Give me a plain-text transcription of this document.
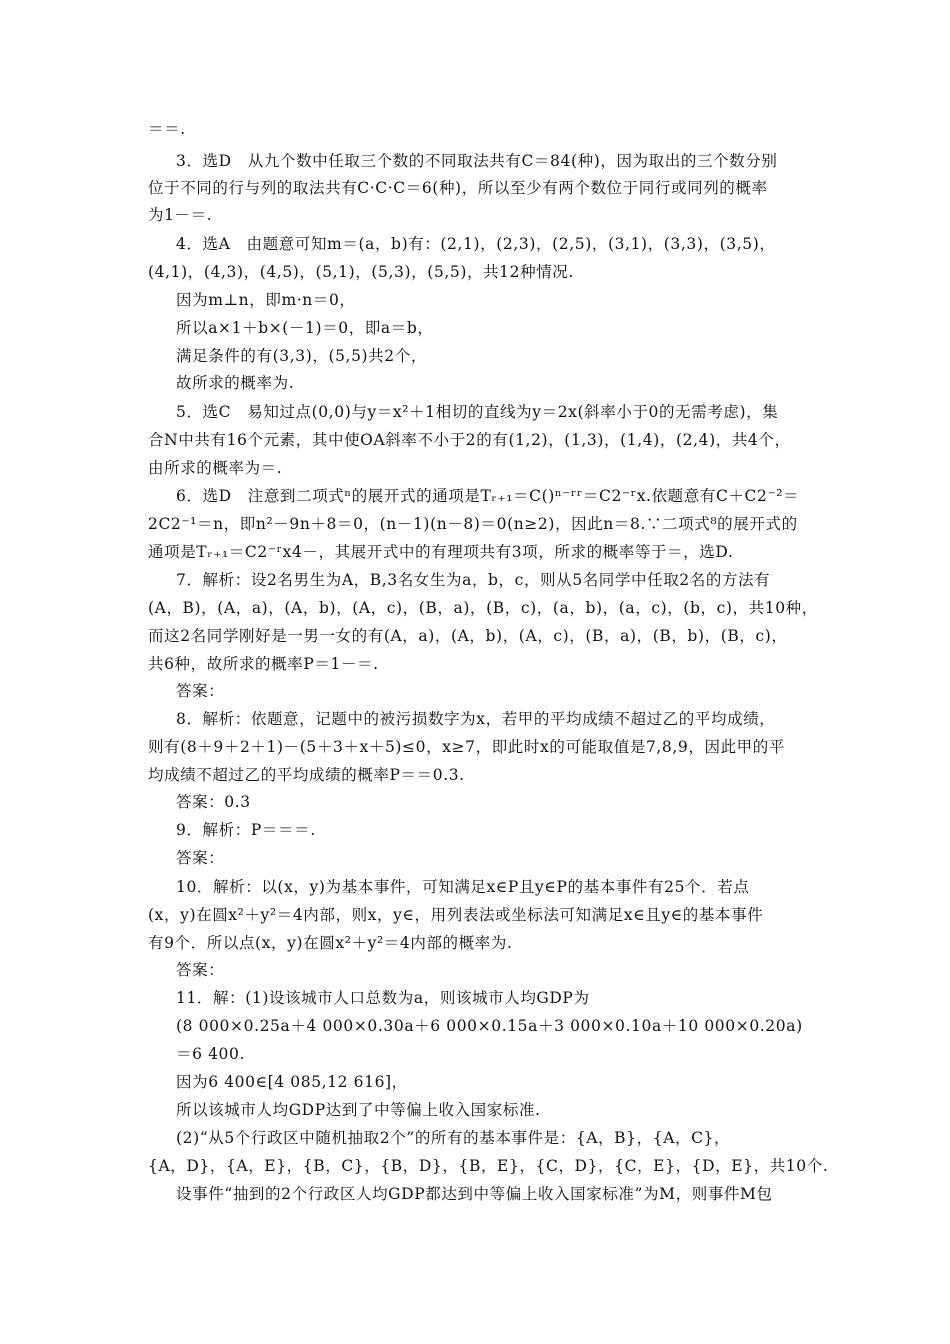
＝＝.
3．选D　从九个数中任取三个数的不同取法共有C＝84(种)，因为取出的三个数分别
位于不同的行与列的取法共有C·C·C＝6(种)，所以至少有两个数位于同行或同列的概率
为1－＝.
4．选A　由题意可知m＝(a，b)有：(2,1)，(2,3)，(2,5)，(3,1)，(3,3)，(3,5)，
(4,1)，(4,3)，(4,5)，(5,1)，(5,3)，(5,5)，共12种情况.
因为m⊥n，即m·n＝0，
所以a×1＋b×(－1)＝0，即a＝b，
满足条件的有(3,3)，(5,5)共2个，
故所求的概率为.
5．选C　易知过点(0,0)与y＝x²＋1相切的直线为y＝2x(斜率小于0的无需考虑)，集
合N中共有16个元素，其中使OA斜率不小于2的有(1,2)，(1,3)，(1,4)，(2,4)，共4个，
由所求的概率为＝.
6．选D　注意到二项式ⁿ的展开式的通项是Tᵣ₊₁＝C()ⁿ⁻ʳʳ＝C2⁻ʳx.依题意有C＋C2⁻²＝
2C2⁻¹＝n，即n²－9n＋8＝0，(n－1)(n－8)＝0(n≥2)，因此n＝8.∵二项式⁸的展开式的
通项是Tᵣ₊₁＝C2⁻ʳx4－，其展开式中的有理项共有3项，所求的概率等于＝，选D.
7．解析：设2名男生为A，B,3名女生为a，b，c，则从5名同学中任取2名的方法有
(A，B)，(A，a)，(A，b)，(A，c)，(B，a)，(B，c)，(a，b)，(a，c)，(b，c)，共10种，
而这2名同学刚好是一男一女的有(A，a)，(A，b)，(A，c)，(B，a)，(B，b)，(B，c)，
共6种，故所求的概率P＝1－＝.
答案：
8．解析：依题意，记题中的被污损数字为x，若甲的平均成绩不超过乙的平均成绩，
则有(8＋9＋2＋1)－(5＋3＋x＋5)≤0，x≥7，即此时x的可能取值是7,8,9，因此甲的平
均成绩不超过乙的平均成绩的概率P＝＝0.3.
答案：0.3
9．解析：P＝＝＝.
答案：
10．解析：以(x，y)为基本事件，可知满足x∈P且y∈P的基本事件有25个．若点
(x，y)在圆x²＋y²＝4内部，则x，y∈，用列表法或坐标法可知满足x∈且y∈的基本事件
有9个．所以点(x，y)在圆x²＋y²＝4内部的概率为.
答案：
11．解：(1)设该城市人口总数为a，则该城市人均GDP为
(8 000×0.25a＋4 000×0.30a＋6 000×0.15a＋3 000×0.10a＋10 000×0.20a)
＝6 400.
因为6 400∈[4 085,12 616]，
所以该城市人均GDP达到了中等偏上收入国家标准.
(2)“从5个行政区中随机抽取2个”的所有的基本事件是：{A，B}，{A，C}，
{A，D}，{A，E}，{B，C}，{B，D}，{B，E}，{C，D}，{C，E}，{D，E}，共10个.
设事件“抽到的2个行政区人均GDP都达到中等偏上收入国家标准”为M，则事件M包
